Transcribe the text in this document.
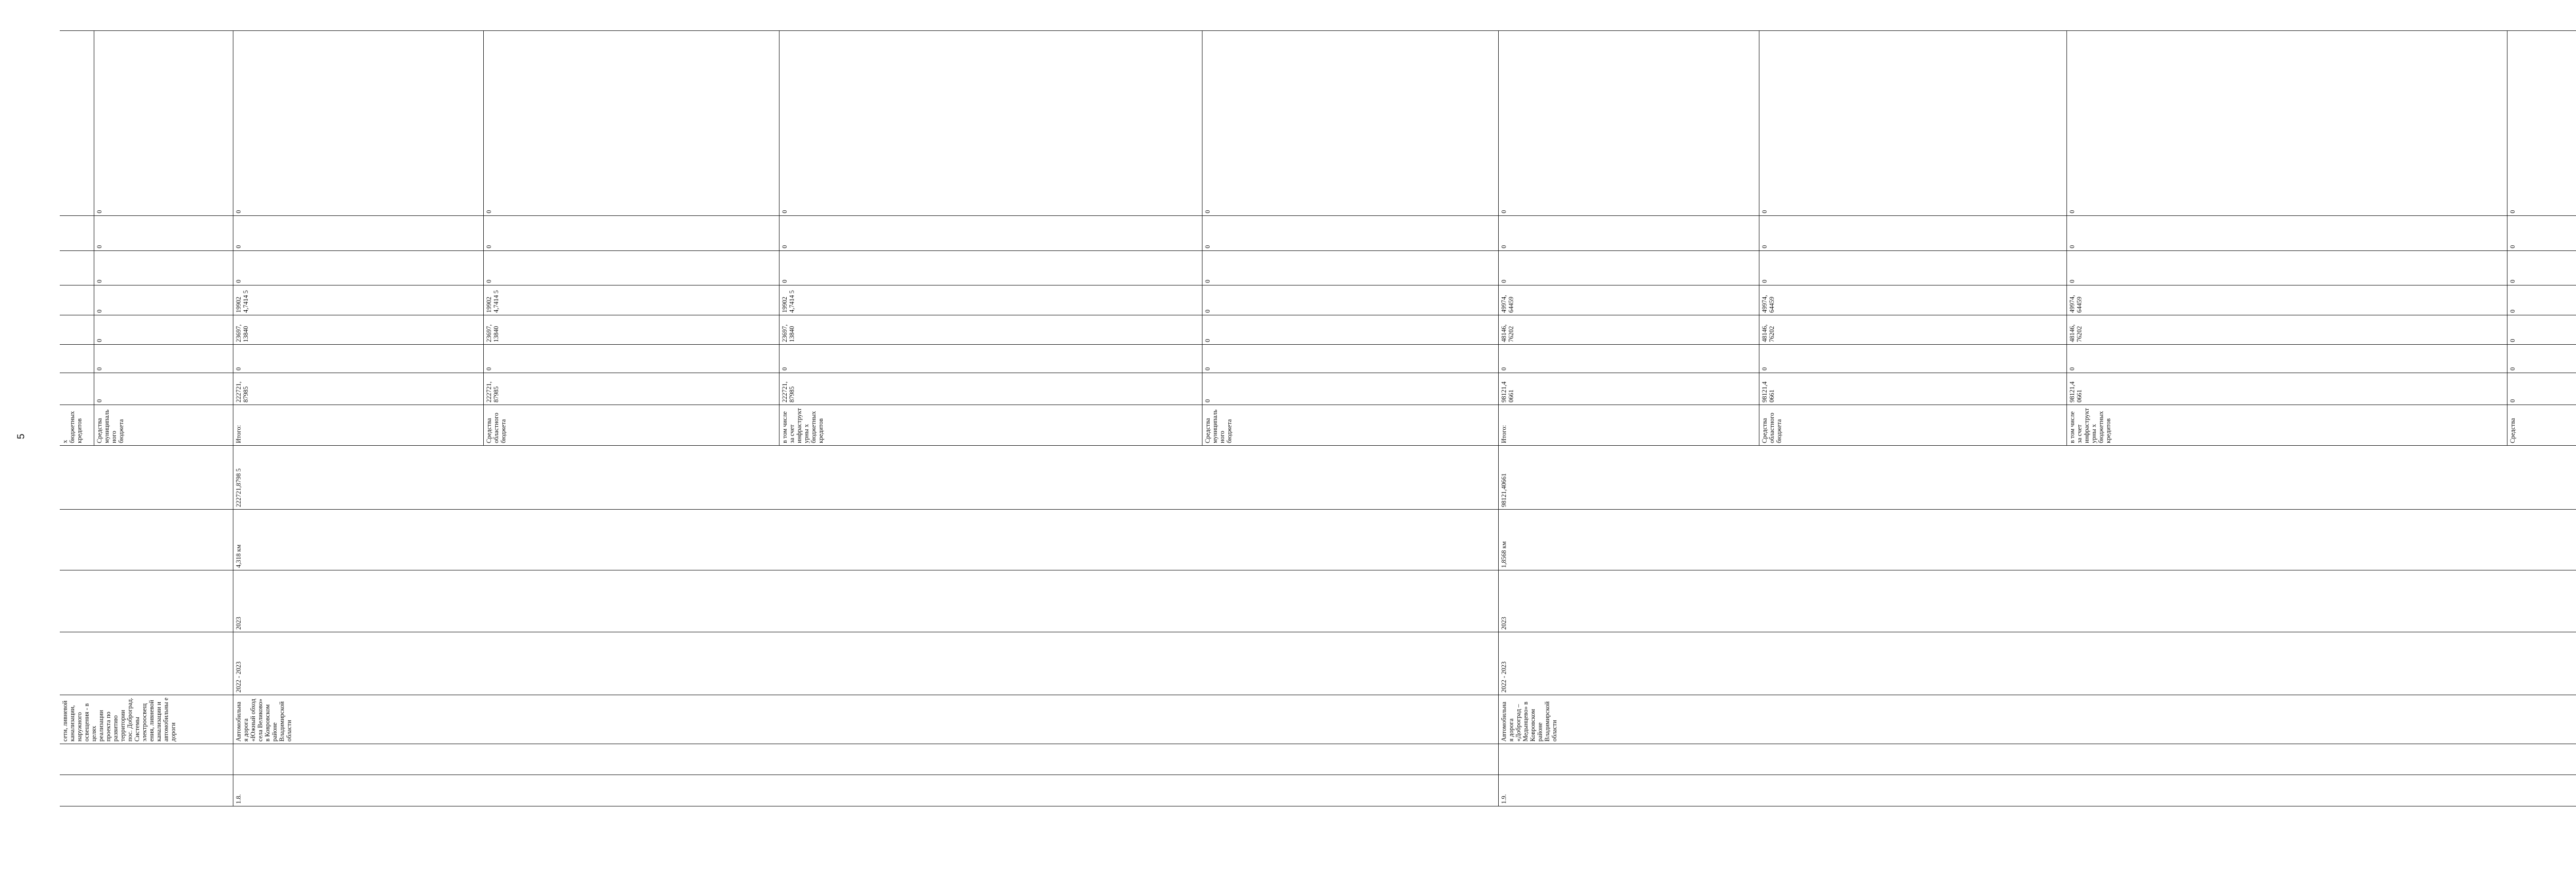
5
		сети, ливневой канализации, наружного освещения - в целях реализации проекта по развитию территории пос. Доброград. Системы электроосвещ ения, ливневой канализации и автомобильны е дороги					х бюджетных кредитов								
							Средства муниципального бюджета	0	0	0	0	0	0	0	
1.8.		Автомобильна я дорога «Южный обход села Великово» в Ковровском районе Владимирской области	2022 - 2023	2023	4,318 км	222721,8798 5	Итого:	222721, 87985	0	23697, 13840	19902 4,7414 5	0	0	0	
							Средства областного бюджета	222721, 87985	0	23697, 13840	19902 4,7414 5	0	0	0	
							в том числе за счет инфраструктурны х бюджетных кредитов	222721, 87985	0	23697, 13840	19902 4,7414 5	0	0	0	
							Средства муниципального бюджета	0	0	0	0	0	0	0	
1.9.		Автомобильна я дорога «Доброград – Медынцево» в Ковровском районе Владимирской области	2022 - 2023	2023	1,8568 км	98121,40661	Итого:	98121,4 0661	0	48146, 76202	49974, 64459	0	0	0	
							Средства областного бюджета	98121,4 0661	0	48146, 76202	49974, 64459	0	0	0	
							в том числе за счет инфраструктурны х бюджетных кредитов	98121,4 0661	0	48146, 76202	49974, 64459	0	0	0	
							Средства	0	0	0	0	0	0	0	
